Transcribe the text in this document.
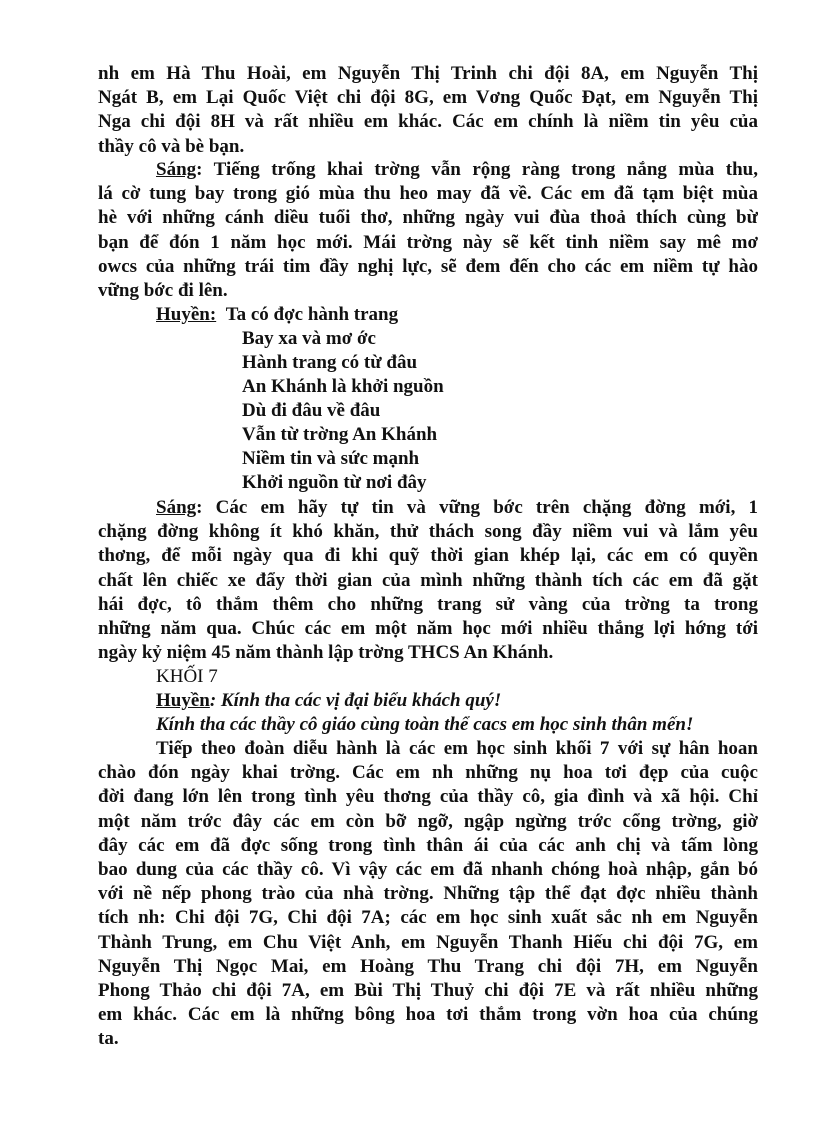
nh em Hà Thu Hoài, em Nguyễn Thị Trinh chi đội 8A, em Nguyễn Thị
Ngát B, em Lại Quốc Việt chi đội 8G, em Vơng Quốc Đạt, em Nguyễn Thị
Nga chi đội 8H và rất nhiều em khác. Các em chính là niềm tin yêu của
thầy cô và bè bạn.
Sáng: Tiếng trống khai trờng vẫn rộng ràng trong nắng mùa thu,
lá cờ tung bay trong gió mùa thu heo may đã về. Các em đã tạm biệt mùa
hè với những cánh diều tuổi thơ, những ngày vui đùa thoả thích cùng bừ
bạn để đón 1 năm học mới. Mái trờng này sẽ kết tinh niềm say mê mơ
owcs của những trái tim đầy nghị lực, sẽ đem đến cho các em niềm tự hào
vững bớc đi lên.
Huyền: Ta có đợc hành trang
Bay xa và mơ ớc
Hành trang có từ đâu
An Khánh là khởi nguồn
Dù đi đâu về đâu
Vẫn từ trờng An Khánh
Niềm tin và sức mạnh
Khởi nguồn từ nơi đây
Sáng: Các em hãy tự tin và vững bớc trên chặng đờng mới, 1
chặng đờng không ít khó khăn, thử thách song đầy niềm vui và lắm yêu
thơng, để mỗi ngày qua đi khi quỹ thời gian khép lại, các em có quyền
chất lên chiếc xe đẩy thời gian của mình những thành tích các em đã gặt
hái đợc, tô thắm thêm cho những trang sử vàng của trờng ta trong
những năm qua. Chúc các em một năm học mới nhiều thắng lợi hớng tới
ngày kỷ niệm 45 năm thành lập trờng THCS An Khánh.
KHỐI 7
Huyền: Kính tha các vị đại biểu khách quý!
Kính tha các thầy cô giáo cùng toàn thể cacs em học sinh thân mến!
Tiếp theo đoàn diễu hành là các em học sinh khối 7 với sự hân hoan
chào đón ngày khai trờng. Các em nh những nụ hoa tơi đẹp của cuộc
đời đang lớn lên trong tình yêu thơng của thầy cô, gia đình và xã hội. Chỉ
một năm trớc đây các em còn bỡ ngỡ, ngập ngừng trớc cổng trờng, giờ
đây các em đã đợc sống trong tình thân ái của các anh chị và tấm lòng
bao dung của các thầy cô. Vì vậy các em đã nhanh chóng hoà nhập, gắn bó
với nề nếp phong trào của nhà trờng. Những tập thể đạt đợc nhiều thành
tích nh: Chi đội 7G, Chi đội 7A; các em học sinh xuất sắc nh em Nguyễn
Thành Trung, em Chu Việt Anh, em Nguyễn Thanh Hiếu chi đội 7G, em
Nguyễn Thị Ngọc Mai, em Hoàng Thu Trang chi đội 7H, em Nguyễn
Phong Thảo chi đội 7A, em Bùi Thị Thuỷ chi đội 7E và rất nhiều những
em khác. Các em là những bông hoa tơi thắm trong vờn hoa của chúng
ta.
